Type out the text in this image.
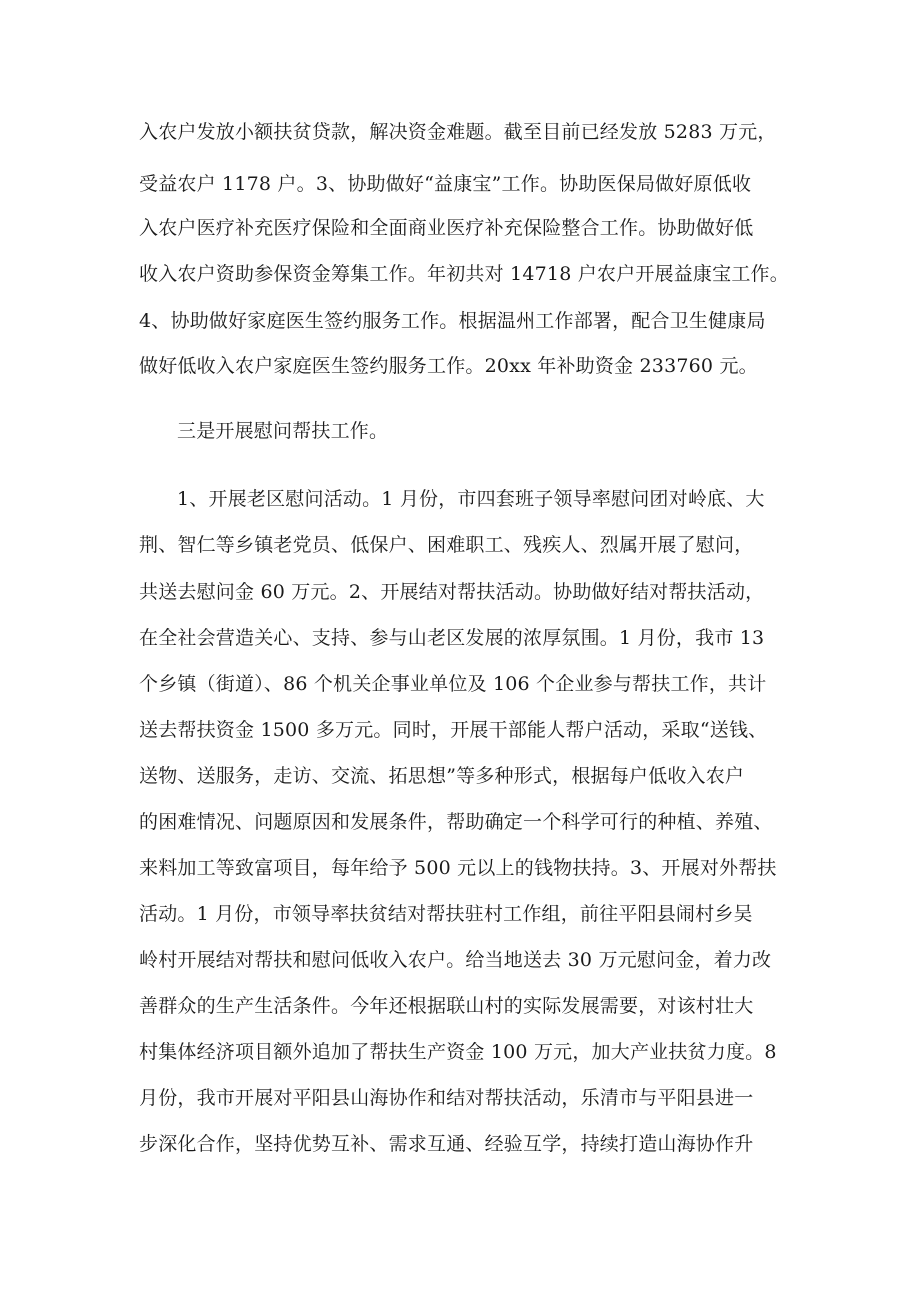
入农户发放小额扶贫贷款，解决资金难题。截至目前已经发放 5283 万元，
受益农户 1178 户。3、协助做好“益康宝”工作。协助医保局做好原低收
入农户医疗补充医疗保险和全面商业医疗补充保险整合工作。协助做好低
收入农户资助参保资金筹集工作。年初共对 14718 户农户开展益康宝工作。
4、协助做好家庭医生签约服务工作。根据温州工作部署，配合卫生健康局
做好低收入农户家庭医生签约服务工作。20xx 年补助资金 233760 元。
三是开展慰问帮扶工作。
1、开展老区慰问活动。1 月份，市四套班子领导率慰问团对岭底、大
荆、智仁等乡镇老党员、低保户、困难职工、残疾人、烈属开展了慰问，
共送去慰问金 60 万元。2、开展结对帮扶活动。协助做好结对帮扶活动，
在全社会营造关心、支持、参与山老区发展的浓厚氛围。1 月份，我市 13
个乡镇（街道）、86 个机关企事业单位及 106 个企业参与帮扶工作，共计
送去帮扶资金 1500 多万元。同时，开展干部能人帮户活动，采取“送钱、
送物、送服务，走访、交流、拓思想”等多种形式，根据每户低收入农户
的困难情况、问题原因和发展条件，帮助确定一个科学可行的种植、养殖、
来料加工等致富项目，每年给予 500 元以上的钱物扶持。3、开展对外帮扶
活动。1 月份，市领导率扶贫结对帮扶驻村工作组，前往平阳县闹村乡吴
岭村开展结对帮扶和慰问低收入农户。给当地送去 30 万元慰问金，着力改
善群众的生产生活条件。今年还根据联山村的实际发展需要，对该村壮大
村集体经济项目额外追加了帮扶生产资金 100 万元，加大产业扶贫力度。8
月份，我市开展对平阳县山海协作和结对帮扶活动，乐清市与平阳县进一
步深化合作，坚持优势互补、需求互通、经验互学，持续打造山海协作升
